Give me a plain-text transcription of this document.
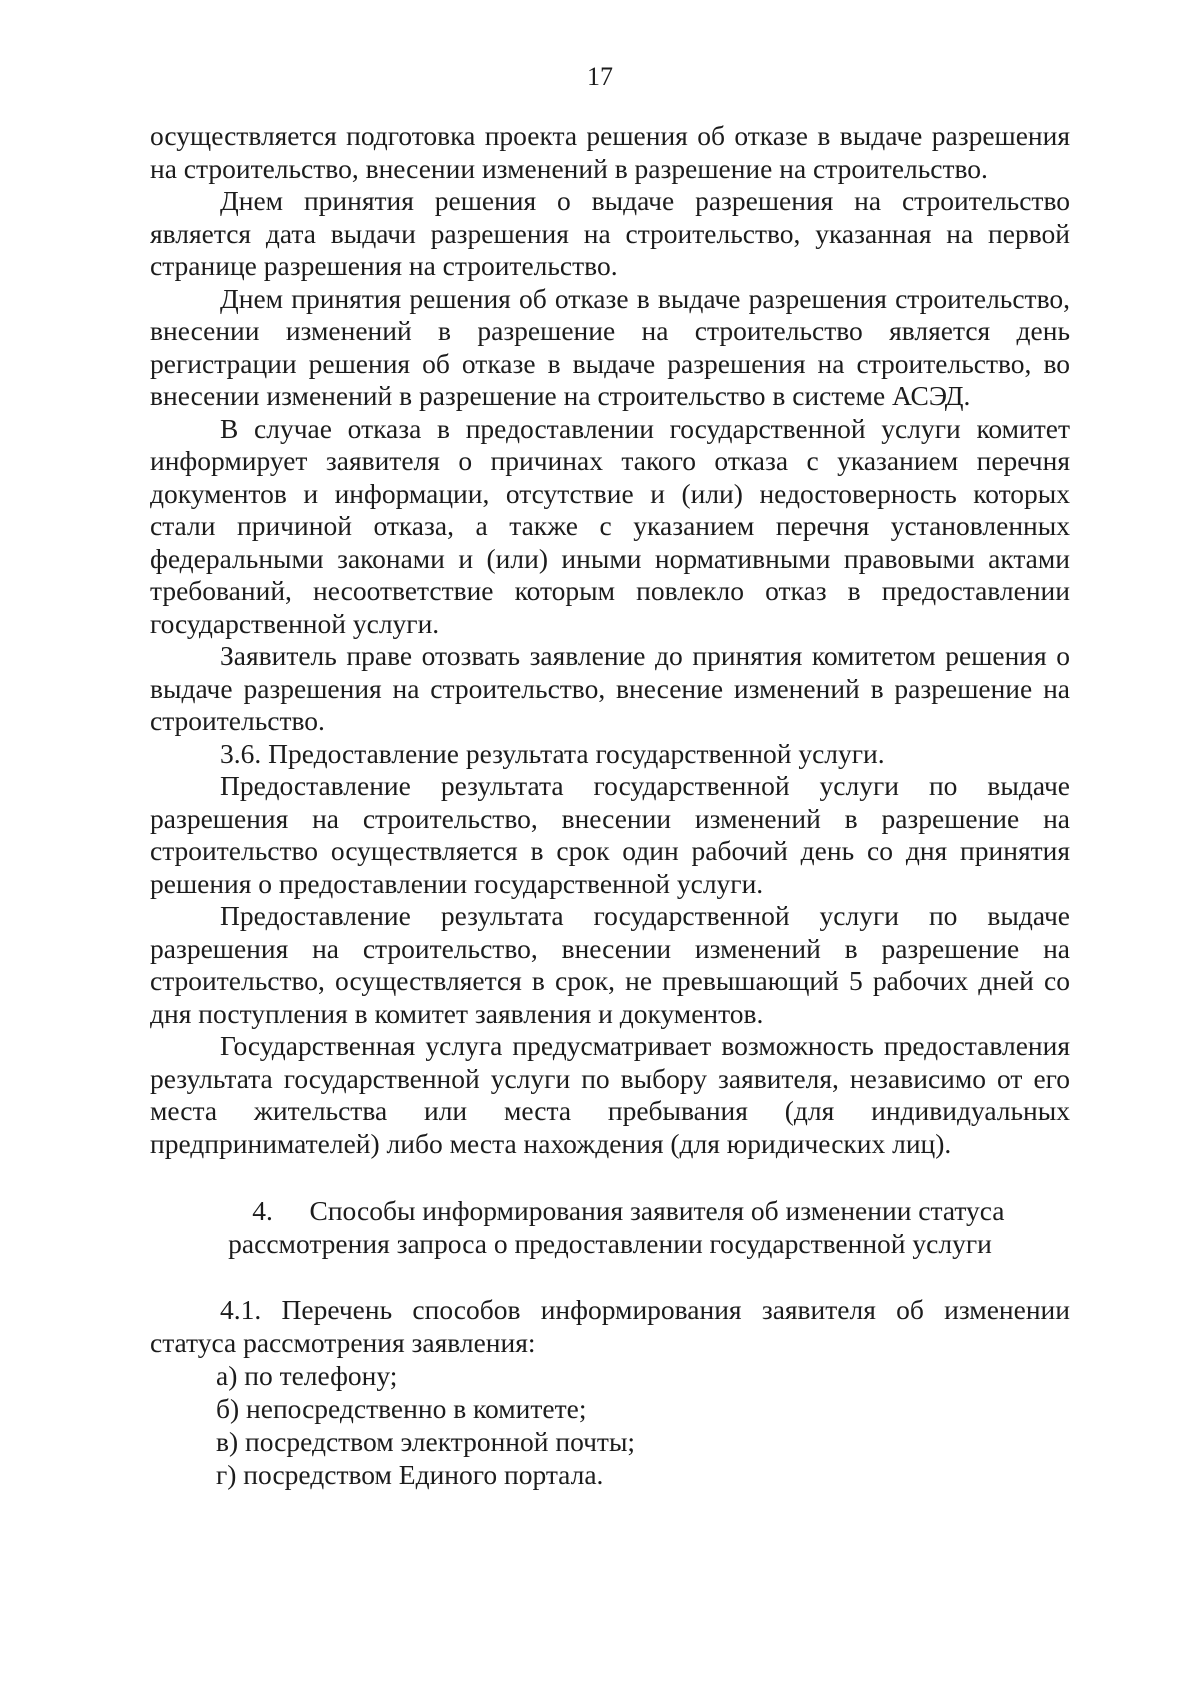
17

осуществляется подготовка проекта решения об отказе в выдаче разрешения на строительство, внесении изменений в разрешение на строительство.

Днем принятия решения о выдаче разрешения на строительство является дата выдачи разрешения на строительство, указанная на первой странице разрешения на строительство.

Днем принятия решения об отказе в выдаче разрешения строительство, внесении изменений в разрешение на строительство является день регистрации решения об отказе в выдаче разрешения на строительство, во внесении изменений в разрешение на строительство в системе АСЭД.

В случае отказа в предоставлении государственной услуги комитет информирует заявителя о причинах такого отказа с указанием перечня документов и информации, отсутствие и (или) недостоверность которых стали причиной отказа, а также с указанием перечня установленных федеральными законами и (или) иными нормативными правовыми актами требований, несоответствие которым повлекло отказ в предоставлении государственной услуги.

Заявитель праве отозвать заявление до принятия комитетом решения о выдаче разрешения на строительство, внесение изменений в разрешение на строительство.

3.6. Предоставление результата государственной услуги.

Предоставление результата государственной услуги по выдаче разрешения на строительство, внесении изменений в разрешение на строительство осуществляется в срок один рабочий день со дня принятия решения о предоставлении государственной услуги.

Предоставление результата государственной услуги по выдаче разрешения на строительство, внесении изменений в разрешение на строительство, осуществляется в срок, не превышающий 5 рабочих дней со дня поступления в комитет заявления и документов.

Государственная услуга предусматривает возможность предоставления результата государственной услуги по выбору заявителя, независимо от его места жительства или места пребывания (для индивидуальных предпринимателей) либо места нахождения (для юридических лиц).

4. Способы информирования заявителя об изменении статуса
рассмотрения запроса о предоставлении государственной услуги

4.1. Перечень способов информирования заявителя об изменении статуса рассмотрения заявления:

а) по телефону;
б) непосредственно в комитете;
в) посредством электронной почты;
г) посредством Единого портала.
